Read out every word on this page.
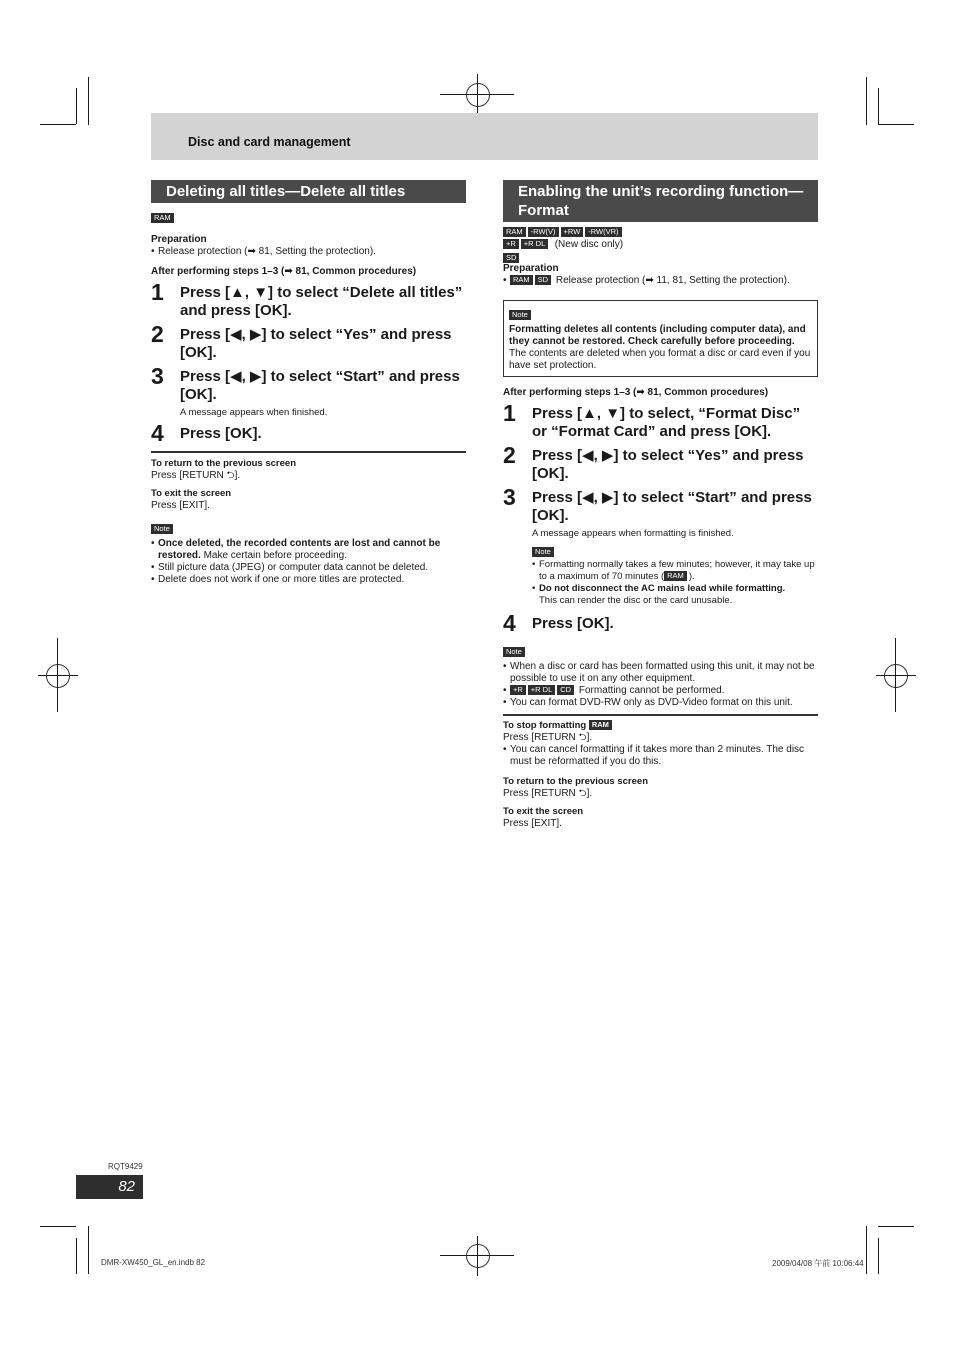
Disc and card management
Deleting all titles—Delete all titles
RAM
Preparation
• Release protection (➡ 81, Setting the protection).
After performing steps 1–3 (➡ 81, Common procedures)
1 Press [▲, ▼] to select “Delete all titles” and press [OK].
2 Press [◀, ▶] to select “Yes” and press [OK].
3 Press [◀, ▶] to select “Start” and press [OK].
A message appears when finished.
4 Press [OK].
To return to the previous screen
Press [RETURN ⮌].
To exit the screen
Press [EXIT].
Note
• Once deleted, the recorded contents are lost and cannot be restored. Make certain before proceeding.
• Still picture data (JPEG) or computer data cannot be deleted.
• Delete does not work if one or more titles are protected.
Enabling the unit’s recording function—Format
RAM -RW(V) +RW -RW(VR)
+R +R DL (New disc only)
SD
Preparation
• RAM SD Release protection (➡ 11, 81, Setting the protection).
Note
Formatting deletes all contents (including computer data), and they cannot be restored. Check carefully before proceeding. The contents are deleted when you format a disc or card even if you have set protection.
After performing steps 1–3 (➡ 81, Common procedures)
1 Press [▲, ▼] to select, “Format Disc” or “Format Card” and press [OK].
2 Press [◀, ▶] to select “Yes” and press [OK].
3 Press [◀, ▶] to select “Start” and press [OK].
A message appears when formatting is finished.
Note
• Formatting normally takes a few minutes; however, it may take up to a maximum of 70 minutes ( RAM ).
• Do not disconnect the AC mains lead while formatting.
This can render the disc or the card unusable.
4 Press [OK].
Note
• When a disc or card has been formatted using this unit, it may not be possible to use it on any other equipment.
• +R +R DL CD Formatting cannot be performed.
• You can format DVD-RW only as DVD-Video format on this unit.
To stop formatting RAM
Press [RETURN ⮌].
• You can cancel formatting if it takes more than 2 minutes. The disc must be reformatted if you do this.
To return to the previous screen
Press [RETURN ⮌].
To exit the screen
Press [EXIT].
RQT9429
82
DMR-XW450_GL_en.indb 82	2009/04/08 午前 10:06:44
